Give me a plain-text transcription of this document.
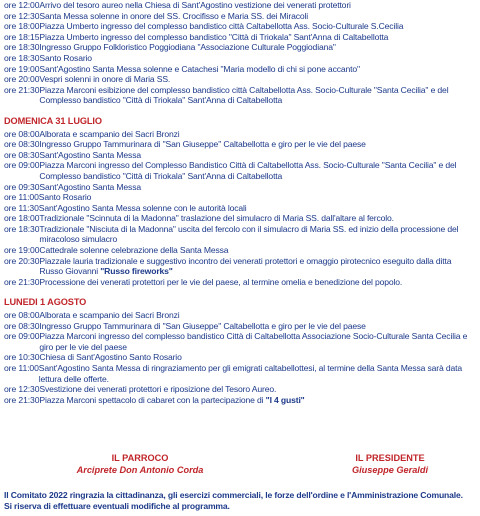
ore 12:00 Arrivo del tesoro aureo nella Chiesa di Sant'Agostino vestizione dei venerati protettori
ore 12:30 Santa Messa solenne in onore del SS. Crocifisso e Maria SS. dei Miracoli
ore 18:00 Piazza Umberto ingresso del complesso bandistico città Caltabellotta Ass. Socio-Culturale S.Cecilia
ore 18:15 Piazza Umberto ingresso del complesso bandistico "Città di Triokala" Sant'Anna di Caltabellotta
ore 18:30 Ingresso Gruppo Folkloristico Poggiodiana "Associazione Culturale Poggiodiana"
ore 18:30 Santo Rosario
ore 19:00 Sant'Agostino Santa Messa solenne e Catachesi "Maria modello di chi si pone accanto"
ore 20:00 Vespri solenni in onore di Maria SS.
ore 21:30 Piazza Marconi esibizione del complesso bandistico città Caltabellotta Ass. Socio-Culturale "Santa Cecilia" e del Complesso bandistico "Città di Triokala" Sant'Anna di Caltabellotta
DOMENICA 31 LUGLIO
ore 08:00 Alborata e scampanio dei Sacri Bronzi
ore 08:30 Ingresso Gruppo Tammurinara di "San Giuseppe" Caltabellotta e giro per le vie del paese
ore 08:30 Sant'Agostino Santa Messa
ore 09:00 Piazza Marconi ingresso del Complesso Bandistico Città di Caltabellotta Ass. Socio-Culturale "Santa Cecilia" e del Complesso bandistico "Città di Triokala" Sant'Anna di Caltabellotta
ore 09:30 Sant'Agostino Santa Messa
ore 11:00 Santo Rosario
ore 11:30 Sant'Agostino Santa Messa solenne con le autorità locali
ore 18:00 Tradizionale "Scinnuta di la Madonna" traslazione del simulacro di Maria SS. dall'altare al fercolo.
ore 18:30 Tradizionale "Nisciuta di la Madonna" uscita del fercolo con il simulacro di Maria SS. ed inizio della processione del miracoloso simulacro
ore 19:00 Cattedrale solenne celebrazione della Santa Messa
ore 20:30 Piazzale lauria tradizionale e suggestivo incontro dei venerati protettori e omaggio pirotecnico eseguito dalla ditta Russo Giovanni "Russo fireworks"
ore 21:30 Processione dei venerati protettori per le vie del paese, al termine omelia e benedizione del popolo.
LUNEDI 1 AGOSTO
ore 08:00 Alborata e scampanio dei Sacri Bronzi
ore 08:30 Ingresso Gruppo Tammurinara di "San Giuseppe" Caltabellotta e giro per le vie del paese
ore 09:00 Piazza Marconi ingresso del complesso bandistico Città di Caltabellotta Associazione Socio-Culturale Santa Cecilia e giro per le vie del paese
ore 10:30 Chiesa di Sant'Agostino Santo Rosario
ore 11:00 Sant'Agostino Santa Messa di ringraziamento per gli emigrati caltabellottesi, al termine della Santa Messa sarà data lettura delle offerte.
ore 12:30 Svestizione dei venerati protettori e riposizione del Tesoro Aureo.
ore 21:30 Piazza Marconi spettacolo di cabaret con la partecipazione di "I 4 gusti"
IL PARROCO
Arciprete Don Antonio Corda
IL PRESIDENTE
Giuseppe Geraldi
Il Comitato 2022 ringrazia la cittadinanza, gli esercizi commerciali, le forze dell'ordine e l'Amministrazione Comunale.
Si riserva di effettuare eventuali modifiche al programma.
